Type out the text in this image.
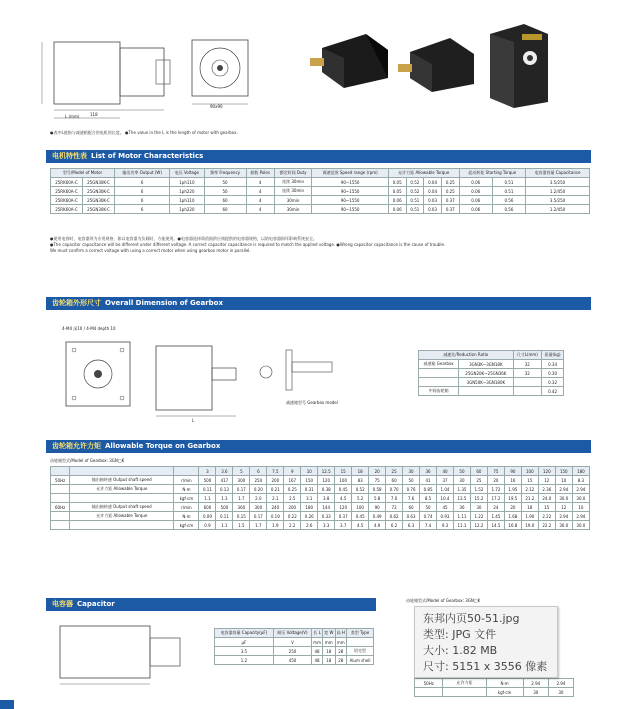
118
L (mm)
90x90
●表中L值指与减速箱配合的电机的长度。 ●The value in the L is the length of motor with gearbox.
电机特性表 List of Motor Characteristics
型号/Model of Motor		输出功率 Output (W)	电压 Voltage	频率 Frequency	极数 Poles	额定时间 Duty	调速范围 Speed range (rpm)	允许力矩 Allowable Torque				起动转矩 Starting Torque		电容器容量 Capacitance
25RK60A-C	25GN30K-C	6	1ph110	50	4	连续 30min	90~1550	0.05	0.52	0.04	0.25	0.06	0.51	3.5/250
25RK60A-C	25GN30K-C	6	1ph220	50	4	连续 30min	90~1550	0.05	0.52	0.04	0.25	0.06	0.51	1.2/450
25RK60A-C	25GN30K-C	6	1ph110	60	4	30min	90~1550	0.06	0.51	0.03	0.37	0.06	0.56	3.5/250
25RK60A-C	25GN30K-C	6	1ph220	60	4	30min	90~1550	0.06	0.51	0.03	0.37	0.06	0.56	1.2/450
●使用电容时，电容器须为专用规格，如以电容器为负载时，方能使用。●电容器选择需依据供应商提供的电容器规格，以防电容器损坏影响系统安全。
●The capacitor capacitance will be different under different voltage. A correct capacitor capacitance is required to match the applied voltage. ●Wrong capacitor capacitance is the cause of trouble.
We must confirm a correct voltage with using a correct motor when using gearbox motor in parallel.
齿轮箱外形尺寸 Overall Dimension of Gearbox
4-M4 深10 / 4-M4 depth 10
L
减速箱型号 Gearbox model
减速比/Reduction Ratio		尺寸L(mm)	质量(kg)
减速箱 Gearbox	3GN3K~3GN18K	32	0.34
	25GN20K~25GN36K	32	0.30
	3GN50K~3GN180K		0.32
中间齿轮箱			0.42
齿轮箱允许力矩 Allowable Torque on Gearbox
齿轮箱型式/Model of Gearbox: 3GN□K
			3	3.6	5	6	7.5	9	10	12.5	15	18	20	25	30	36	40	50	60	75	90	100	120	150	180
50Hz	输出轴转速 Output shaft speed	r/min	500	417	300	250	200	167	150	120	100	83	75	60	50	41	37	30	25	20	16	15	12	10	8.3
	允许力矩 Allowable Torque	N·m	0.11	0.13	0.17	0.20	0.21	0.25	0.31	0.38	0.45	0.52	0.58	0.70	0.76	0.85	1.04	1.35	1.52	1.72	1.95	2.12	2.36	2.94	2.94
		kgf·cm	1.1	1.3	1.7	2.0	2.1	2.5	3.1	3.8	4.5	5.2	5.8	7.0	7.6	8.5	10.4	13.5	15.2	17.2	19.5	21.2	24.0	30.0	30.0
60Hz	输出轴转速 Output shaft speed	r/min	600	500	360	300	240	200	180	144	120	100	90	72	60	50	45	36	30	24	20	18	15	12	10
	允许力矩 Allowable Torque	N·m	0.09	0.11	0.15	0.17	0.19	0.22	0.26	0.33	0.37	0.45	0.49	0.62	0.63	0.74	0.93	1.11	1.22	1.45	1.68	1.90	2.22	2.94	2.94
		kgf·cm	0.9	1.1	1.5	1.7	1.9	2.2	2.6	3.3	3.7	4.5	4.9	6.2	6.3	7.4	9.3	11.1	12.2	14.5	16.8	19.0	22.2	30.0	30.0
电容器 Capacitor
电容器容量 Capacity(μF)	耐压 Voltage(V)	长 L	宽 W	高 H	类型 Type
μF	V	mm	mm	mm	
3.5	250	48	18	28	铝壳型
1.2	450	48	18	28	Alum shell
齿轮箱型式/Model of Gearbox: 3GN□K
50Hz	允许力矩	N·m	2.94	2.94
		kgf·cm	30	30
东邦内页50-51.jpg
类型: JPG 文件
大小: 1.82 MB
尺寸: 5151 x 3556 像素
